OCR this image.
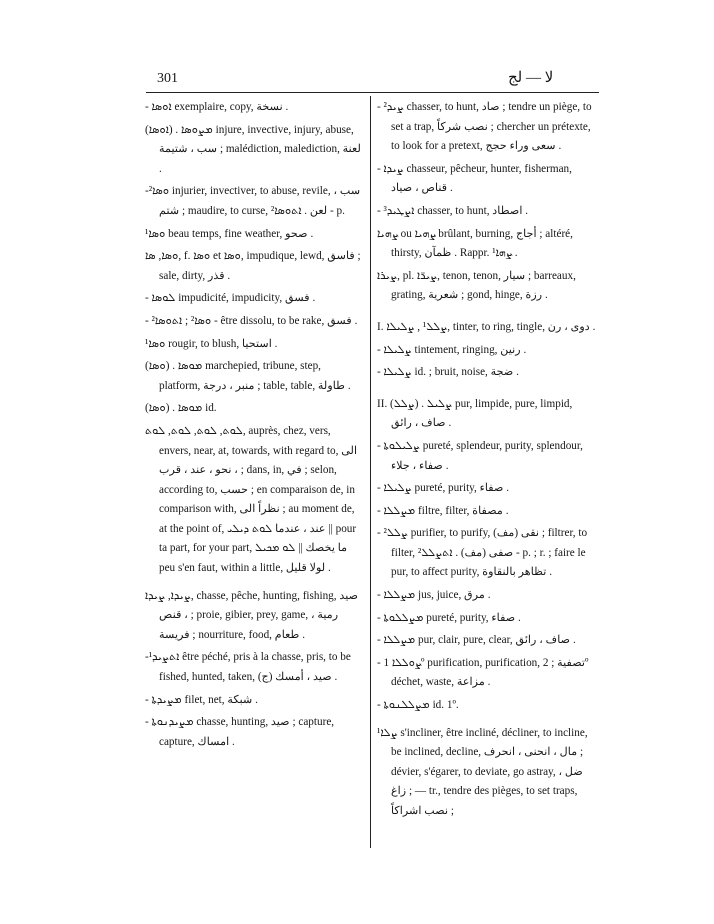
301	لا — لج

- ܐܘܣܐ exemplaire, copy, نسخة .

(ܐܘܣܐ) . ܡܨܘܣܐ injure, invective, injury, abuse, سب ، شتيمة ; malédiction, malediction, لعنة .

-ܘܣܐ² injurier, invectiver, to abuse, revile, سب ، شتم ; maudire, to curse, لعن . ܐܬܘܣܐ² - p.

ܘܣܐ¹ beau temps, fine weather, صحو .

ܘܣܐ, ܣܐ, f. ܘܣܐ et ܘܣܐ, impudique, lewd, فاسق ; sale, dirty, قذر .

- ܠܘܣܐ impudicité, impudicity, فسق .

- ܘܣܐ² ; ܐܬܘܣܐ² - être dissolu, to be rake, فسق .

ܘܣܐ¹ rougir, to blush, استحيا .

(ܘܣܐ) . ܡܘܣܐ marchepied, tribune, step, platform, منبر ، درجة ; table, table, طاولة .

(ܘܣܐ) . ܡܘܣܐ id.

ܠܘܬ, ܠܘܬ, ܠܘܬ, ܠܘܬ, auprès, chez, vers, envers, near, at, towards, with regard to, الى ، نحو ، عند ، قرب ; dans, in, في ; selon, according to, حسب ; en comparaison de, in comparison with, نظراً الى ; au moment de, at the point of, عند ، عندما ܠܘܬ ܕܝܠܝ || pour ta part, for your part, ما يخصك || ܠܘ ܡܟܝܠ peu s'en faut, within a little, لولا قليل .

ܨܝܕܐ, ܨܝܕܐ, chasse, pêche, hunting, fishing, صيد ، قنص ; proie, gibier, prey, game, رمية ، فريسة ; nourriture, food, طعام .

-ܐܬܨܝܕ¹ être péché, pris à la chasse, pris, to be fished, hunted, taken, صيد ، أمسك (ج) .

- ܡܨܝܕܬܐ filet, net, شبكة .

- ܡܨܝܕܢܘܬܐ chasse, hunting, صيد ; capture, capture, امساك .

- ܨܝܕ² chasser, to hunt, صاد ; tendre un piège, to set a trap, نصب شركاً ; chercher un prétexte, to look for a pretext, سعى وراء حجج .

- ܨܝܕܐ chasseur, pêcheur, hunter, fisherman, قناص ، صياد .

- ܐܨܛܝܕ³ chasser, to hunt, اصطاد .

ܨܗܝܐ ou ܨܗܝܐ brûlant, burning, أجاج ; altéré, thirsty, ظمآن . Rappr. ܨܗܐ¹ .

ܨܝܪܐ, pl. ܨܝܪ̈ܐ, tenon, tenon, سيار ; barreaux, grating, شعرية ; gond, hinge, رزة .

I. ܨܠܠ¹ , ܨܠܝܠܐ, tinter, to ring, tingle, دوى ، رن .

- ܨܠܝܠܐ tintement, ringing, رنين .

- ܨܠܝܠܐ id. ; bruit, noise, ضجة .

II. (ܨܠܠ) . ܨܠܝܠ pur, limpide, pure, limpid, صاف ، رائق .

- ܨܠܝܠܘܬܐ pureté, splendeur, purity, splendour, صفاء ، جلاء .

- ܨܠܝܠܐ pureté, purity, صفاء .

- ܡܨܠܠܐ filtre, filter, مصفاة .

- ܨܠܠ² purifier, to purify, نقى (مف) ; filtrer, to filter, صفى (مف) . ܐܬܨܠܠ² - p. ; r. ; faire le pur, to affect purity, تظاهر بالنقاوة .

- ܡܨܠܠܐ jus, juice, مرق .

- ܡܨܠܠܘܬܐ pureté, purity, صفاء .

- ܡܨܠܠܐ pur, clair, pure, clear, صاف ، رائق .

- ܨܘܠܠܐ 1º purification, purification, تصفية ; 2º déchet, waste, مزاعة .

- ܡܨܠܠܢܘܬܐ id. 1º.

ܨܠܐ¹ s'incliner, être incliné, décliner, to incline, be inclined, decline, مال ، انحنى ، انحرف ; dévier, s'égarer, to deviate, go astray, ضل ، زاغ ; — tr., tendre des pièges, to set traps, نصب اشراكاً ;
